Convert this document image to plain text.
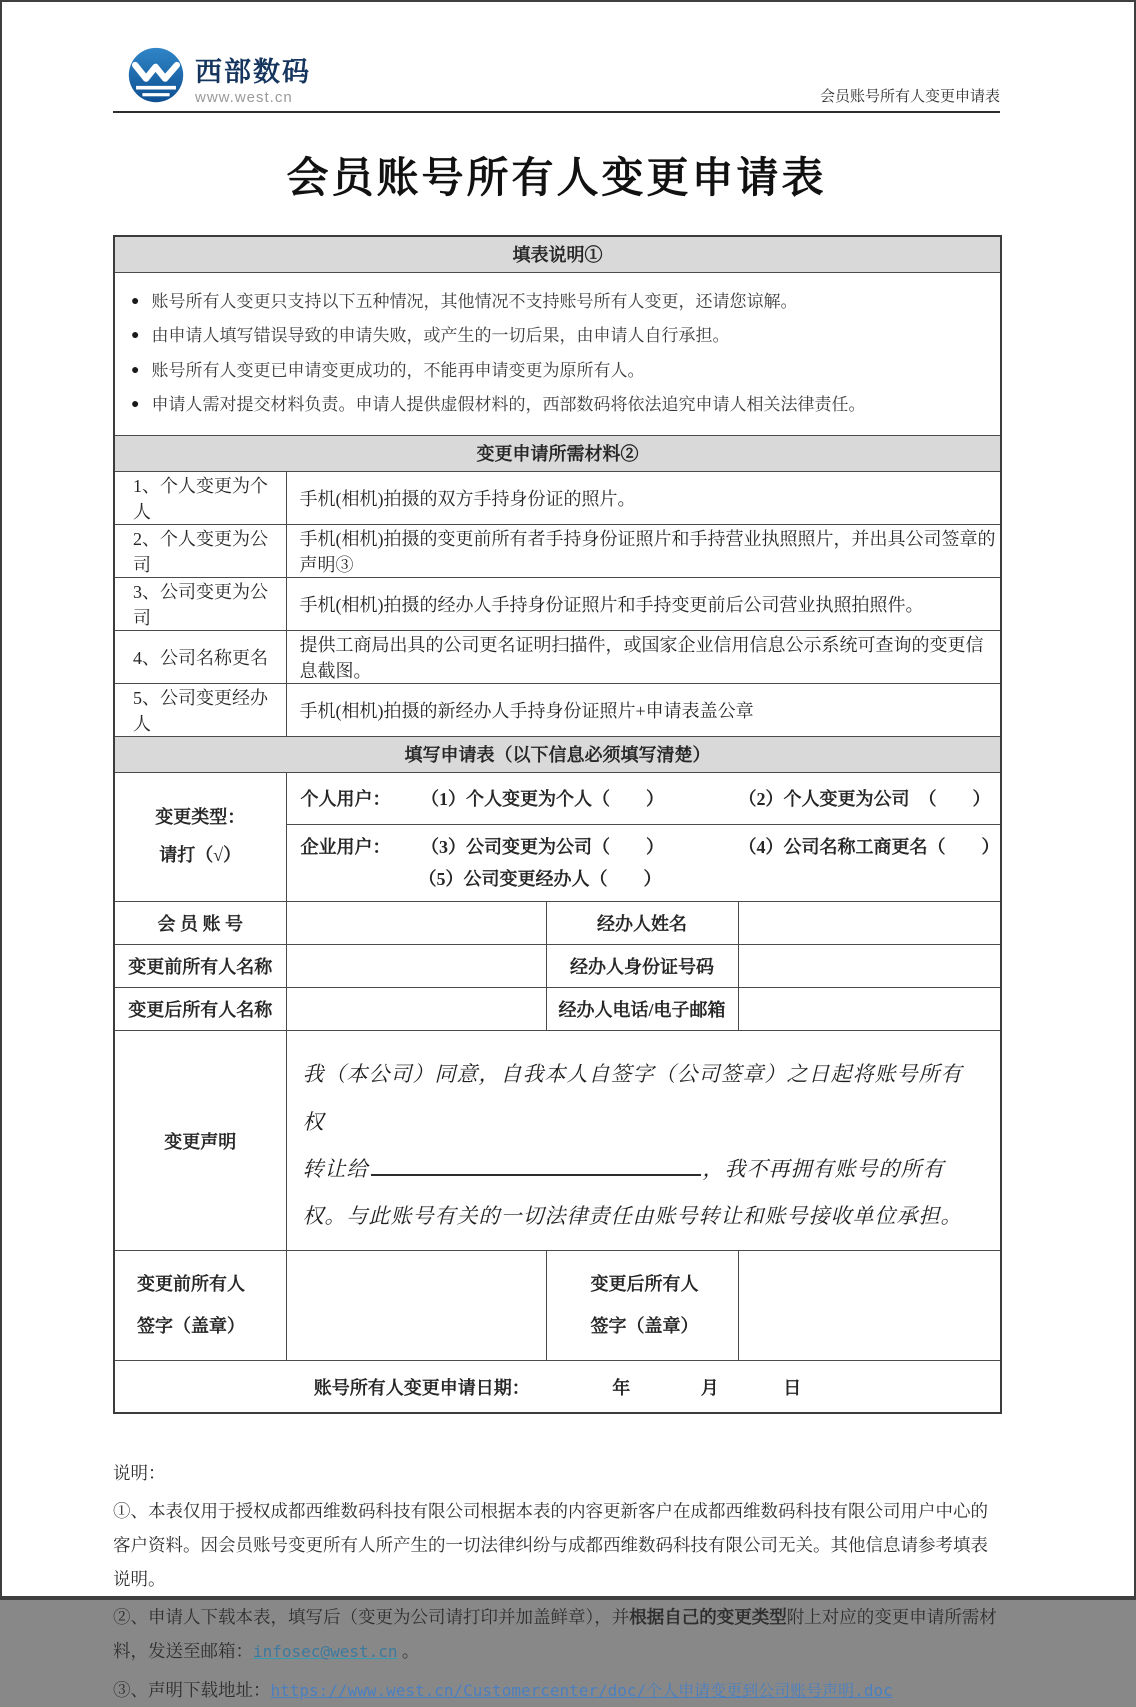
西部数码
www.west.cn	会员账号所有人变更申请表
会员账号所有人变更申请表
填表说明①			

● 账号所有人变更只支持以下五种情况，其他情况不支持账号所有人变更，还请您谅解。
● 由申请人填写错误导致的申请失败，或产生的一切后果，由申请人自行承担。
● 账号所有人变更已申请变更成功的，不能再申请变更为原所有人。
● 申请人需对提交材料负责。申请人提供虚假材料的，西部数码将依法追究申请人相关法律责任。

变更申请所需材料②			
1、个人变更为个人	手机(相机)拍摄的双方手持身份证的照片。		
2、个人变更为公司	手机(相机)拍摄的变更前所有者手持身份证照片和手持营业执照照片，并出具公司签章的声明③		
3、公司变更为公司	手机(相机)拍摄的经办人手持身份证照片和手持变更前后公司营业执照拍照件。		
4、公司名称更名	提供工商局出具的公司更名证明扫描件，或国家企业信用信息公示系统可查询的变更信息截图。		
5、公司变更经办人	手机(相机)拍摄的新经办人手持身份证照片+申请表盖公章		
填写申请表（以下信息必须填写清楚）			

变更类型：
请打（√）	个人用户： （1）个人变更为个人（　　） （2）个人变更为公司　（　　）		

	企业用户： （3）公司变更为公司（　　） （4）公司名称工商更名（　　）
（5）公司变更经办人（　　）		

会 员 账 号		经办人姓名	
变更前所有人名称		经办人身份证号码	
变更后所有人名称		经办人电话/电子邮箱	
变更声明	我（本公司）同意，自我本人自签字（公司签章）之日起将账号所有权
转让给 ，我不再拥有账号的所有
权。与此账号有关的一切法律责任由账号转让和账号接收单位承担。		

变更前所有人
签字（盖章）

变更后所有人
签字（盖章）

账号所有人变更申请日期： 年 月 日			

说明：

①、本表仅用于授权成都西维数码科技有限公司根据本表的内容更新客户在成都西维数码科技有限公司用户中心的客户资料。因会员账号变更所有人所产生的一切法律纠纷与成都西维数码科技有限公司无关。其他信息请参考填表说明。

②、申请人下载本表，填写后（变更为公司请打印并加盖鲜章），并根据自己的变更类型附上对应的变更申请所需材料，发送至邮箱：infosec@west.cn 。

③、声明下载地址：https://www.west.cn/Customercenter/doc/个人申请变更到公司账号声明.doc
